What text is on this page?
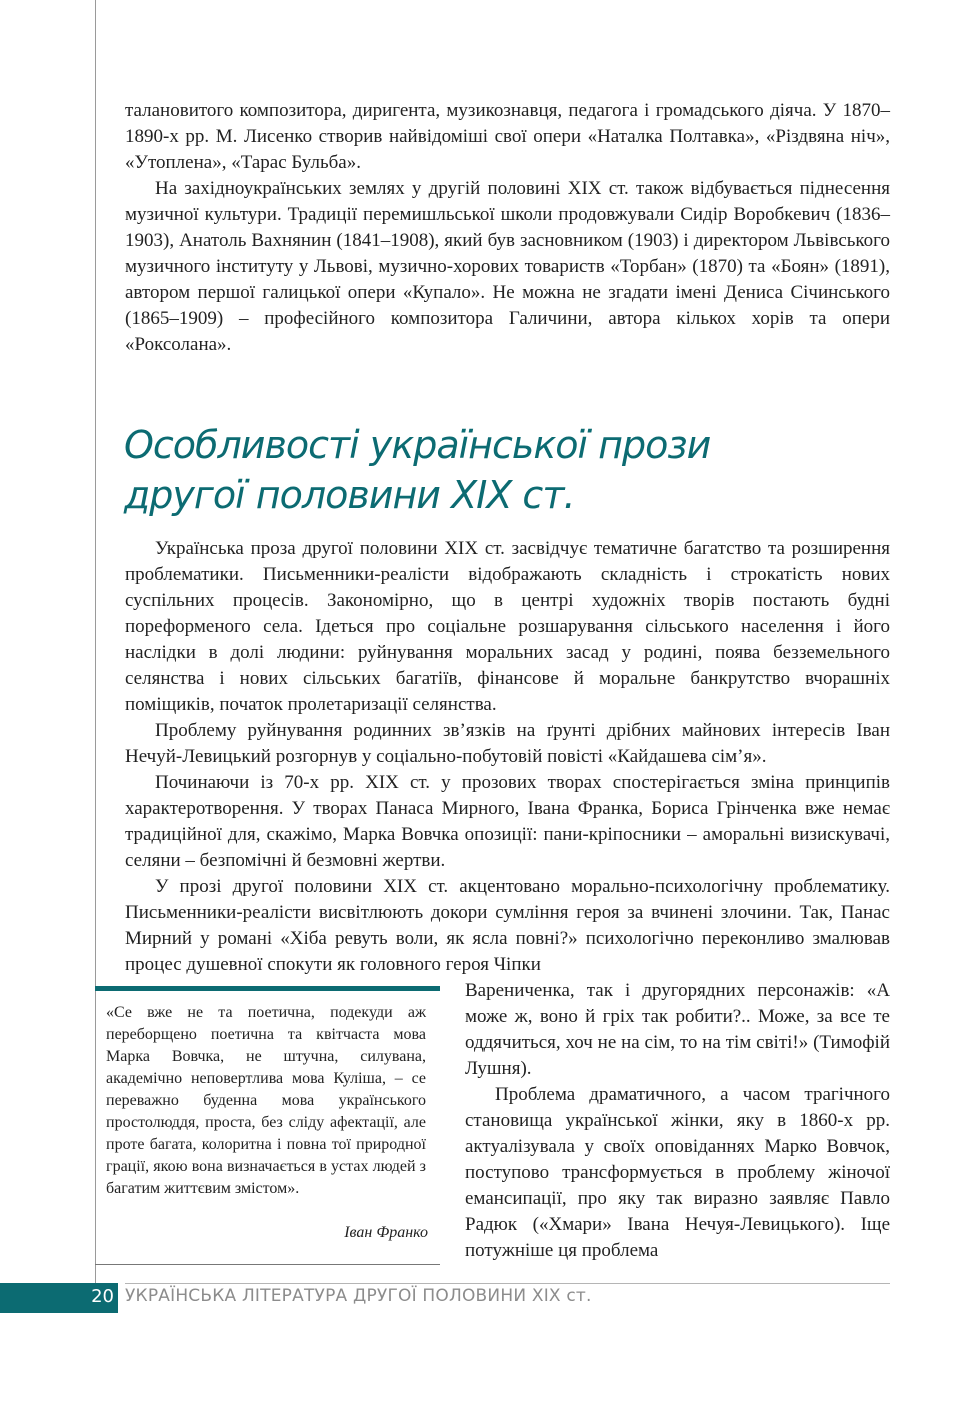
талановитого композитора, диригента, музикознавця, педагога і громадського діяча. У 1870–1890-х рр. М. Лисенко створив найвідоміші свої опери «Наталка Полтавка», «Різдвяна ніч», «Утоплена», «Тарас Бульба».

На західноукраїнських землях у другій половині ХІХ ст. також відбувається піднесення музичної культури. Традиції перемишльської школи продовжували Сидір Воробкевич (1836–1903), Анатоль Вахнянин (1841–1908), який був засновником (1903) і директором Львівського музичного інституту у Львові, музично-хорових товариств «Торбан» (1870) та «Боян» (1891), автором першої галицької опери «Купало». Не можна не згадати імені Дениса Січинського (1865–1909) – професійного композитора Галичини, автора кількох хорів та опери «Роксолана».

Особливості української прози
другої половини ХІХ ст.

Українська проза другої половини ХІХ ст. засвідчує тематичне багатство та розширення проблематики. Письменники-реалісти відображають складність і строкатість нових суспільних процесів. Закономірно, що в центрі художніх творів постають будні пореформеного села. Ідеться про соціальне розшарування сільського населення і його наслідки в долі людини: руйнування моральних засад у родині, поява безземельного селянства і нових сільських багатіїв, фінансове й моральне банкрутство вчорашніх поміщиків, початок пролетаризації селянства.

Проблему руйнування родинних зв’язків на ґрунті дрібних майнових інтересів Іван Нечуй-Левицький розгорнув у соціально-побутовій повісті «Кайдашева сім’я».

Починаючи із 70-х рр. ХІХ ст. у прозових творах спостерігається зміна принципів характеротворення. У творах Панаса Мирного, Івана Франка, Бориса Грінченка вже немає традиційної для, скажімо, Марка Вовчка опозиції: пани-кріпосники – аморальні визискувачі, селяни – безпомічні й безмовні жертви.

У прозі другої половини ХІХ ст. акцентовано морально-психологічну проблематику. Письменники-реалісти висвітлюють докори сумління героя за вчинені злочини. Так, Панас Мирний у романі «Хіба ревуть воли, як ясла повні?» психологічно переконливо змалював процес душевної спокути як головного героя Чіпки

Варениченка, так і другорядних персонажів: «А може ж, воно й гріх так робити?.. Може, за все те оддячиться, хоч не на сім, то на тім світі!» (Тимофій Лушня).

Проблема драматичного, а часом трагічного становища української жінки, яку в 1860-х рр. актуалізувала у своїх оповіданнях Марко Вовчок, поступово трансформується в проблему жіночої емансипації, про яку так виразно заявляє Павло Радюк («Хмари» Івана Нечуя-Левицького). Іще потужніше ця проблема

«Се вже не та поетична, подекуди аж переборщено поетична та квітчаста мова Марка Вовчка, не штучна, силувана, академічно неповертлива мова Куліша, – се переважно буденна мова українського простолюддя, проста, без сліду афектації, але проте багата, колоритна і повна тої природної грації, якою вона визначається в устах людей з багатим життєвим змістом».
Іван Франко
20 УКРАЇНСЬКА ЛІТЕРАТУРА ДРУГОЇ ПОЛОВИНИ ХІХ ст.
